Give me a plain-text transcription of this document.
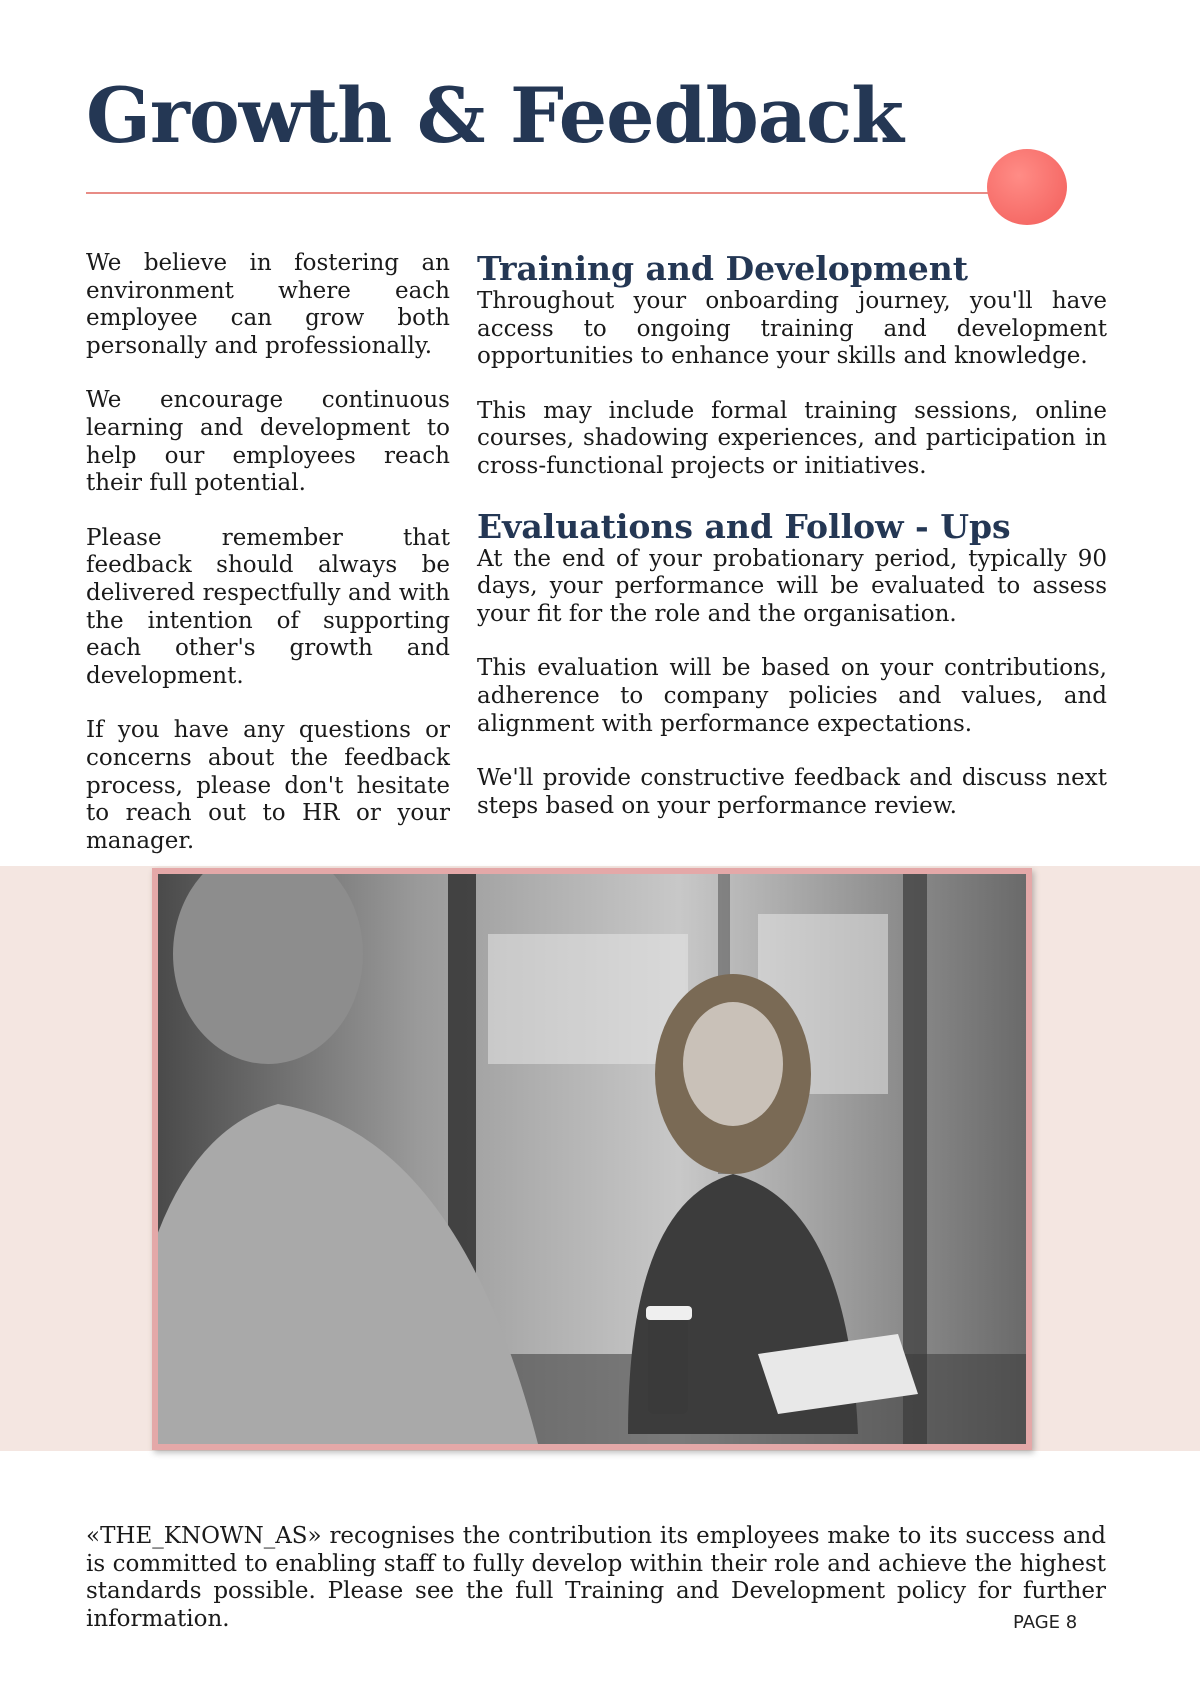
Growth & Feedback

We believe in fostering an environment where each employee can grow both personally and professionally.

We encourage continuous learning and development to help our employees reach their full potential.

Please remember that feedback should always be delivered respectfully and with the intention of supporting each other's growth and development.

If you have any questions or concerns about the feedback process, please don't hesitate to reach out to HR or your manager.

Training and Development

Throughout your onboarding journey, you'll have access to ongoing training and development opportunities to enhance your skills and knowledge.

This may include formal training sessions, online courses, shadowing experiences, and participation in cross-functional projects or initiatives.

Evaluations and Follow - Ups

At the end of your probationary period, typically 90 days, your performance will be evaluated to assess your fit for the role and the organisation.

This evaluation will be based on your contributions, adherence to company policies and values, and alignment with performance expectations.

We'll provide constructive feedback and discuss next steps based on your performance review.

«THE_KNOWN_AS» recognises the contribution its employees make to its success and is committed to enabling staff to fully develop within their role and achieve the highest standards possible. Please see the full Training and Development policy for further information.	PAGE 8
